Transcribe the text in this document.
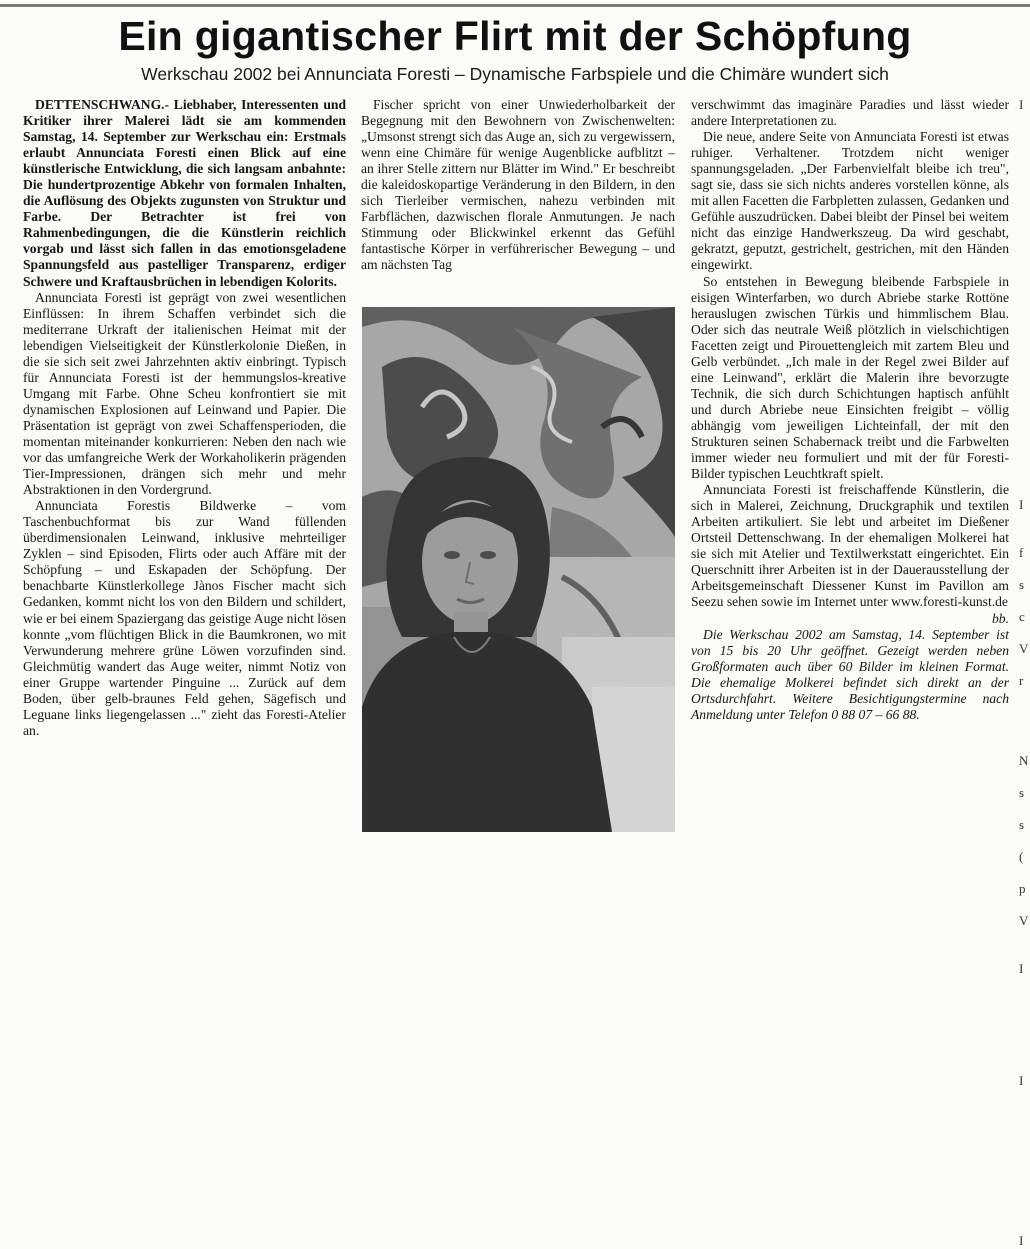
Ein gigantischer Flirt mit der Schöpfung
Werkschau 2002 bei Annunciata Foresti – Dynamische Farbspiele und die Chimäre wundert sich

DETTENSCHWANG.- Liebhaber, Interessenten und Kritiker ihrer Malerei lädt sie am kommenden Samstag, 14. September zur Werkschau ein: Erstmals erlaubt Annunciata Foresti einen Blick auf eine künstlerische Entwicklung, die sich langsam anbahnte: Die hundertprozentige Abkehr von formalen Inhalten, die Auflösung des Objekts zugunsten von Struktur und Farbe. Der Betrachter ist frei von Rahmenbedingungen, die die Künstlerin reichlich vorgab und lässt sich fallen in das emotionsgeladene Spannungsfeld aus pastelliger Transparenz, erdiger Schwere und Kraftausbrüchen in lebendigen Kolorits.

Annunciata Foresti ist geprägt von zwei wesentlichen Einflüssen: In ihrem Schaffen verbindet sich die mediterrane Urkraft der italienischen Heimat mit der lebendigen Vielseitigkeit der Künstlerkolonie Dießen, in die sie sich seit zwei Jahrzehnten aktiv einbringt. Typisch für Annunciata Foresti ist der hemmungslos-kreative Umgang mit Farbe. Ohne Scheu konfrontiert sie mit dynamischen Explosionen auf Leinwand und Papier. Die Präsentation ist geprägt von zwei Schaffensperioden, die momentan miteinander konkurrieren: Neben den nach wie vor das umfangreiche Werk der Workaholikerin prägenden Tier-Impressionen, drängen sich mehr und mehr Abstraktionen in den Vordergrund.

Annunciata Forestis Bildwerke – vom Taschenbuchformat bis zur Wand füllenden überdimensionalen Leinwand, inklusive mehrteiliger Zyklen – sind Episoden, Flirts oder auch Affäre mit der Schöpfung – und Eskapaden der Schöpfung. Der benachbarte Künstlerkollege Jànos Fischer macht sich Gedanken, kommt nicht los von den Bildern und schildert, wie er bei einem Spaziergang das geistige Auge nicht lösen konnte „vom flüchtigen Blick in die Baumkronen, wo mit Verwunderung mehrere grüne Löwen vorzufinden sind. Gleichmütig wandert das Auge weiter, nimmt Notiz von einer Gruppe wartender Pinguine ... Zurück auf dem Boden, über gelb-braunes Feld gehen, Sägefisch und Leguane links liegengelassen ..." zieht das Foresti-Atelier an.

Fischer spricht von einer Unwiederholbarkeit der Begegnung mit den Bewohnern von Zwischenwelten: „Umsonst strengt sich das Auge an, sich zu vergewissern, wenn eine Chimäre für wenige Augenblicke aufblitzt – an ihrer Stelle zittern nur Blätter im Wind." Er beschreibt die kaleidoskopartige Veränderung in den Bildern, in den sich Tierleiber vermischen, nahezu verbinden mit Farbflächen, dazwischen florale Anmutungen. Je nach Stimmung oder Blickwinkel erkennt das Gefühl fantastische Körper in verführerischer Bewegung – und am nächsten Tag

verschwimmt das imaginäre Paradies und lässt wieder andere Interpretationen zu.

Die neue, andere Seite von Annunciata Foresti ist etwas ruhiger. Verhaltener. Trotzdem nicht weniger spannungsgeladen. „Der Farbenvielfalt bleibe ich treu", sagt sie, dass sie sich nichts anderes vorstellen könne, als mit allen Facetten die Farbpletten zulassen, Gedanken und Gefühle auszudrücken. Dabei bleibt der Pinsel bei weitem nicht das einzige Handwerkszeug. Da wird geschabt, gekratzt, geputzt, gestrichelt, gestrichen, mit den Händen eingewirkt.

So entstehen in Bewegung bleibende Farbspiele in eisigen Winterfarben, wo durch Abriebe starke Rottöne herauslugen zwischen Türkis und himmlischem Blau. Oder sich das neutrale Weiß plötzlich in vielschichtigen Facetten zeigt und Pirouettengleich mit zartem Bleu und Gelb verbündet. „Ich male in der Regel zwei Bilder auf eine Leinwand", erklärt die Malerin ihre bevorzugte Technik, die sich durch Schichtungen haptisch anfühlt und durch Abriebe neue Einsichten freigibt – völlig abhängig vom jeweiligen Lichteinfall, der mit den Strukturen seinen Schabernack treibt und die Farbwelten immer wieder neu formuliert und mit der für Foresti-Bilder typischen Leuchtkraft spielt.

Annunciata Foresti ist freischaffende Künstlerin, die sich in Malerei, Zeichnung, Druckgraphik und textilen Arbeiten artikuliert. Sie lebt und arbeitet im Dießener Ortsteil Dettenschwang. In der ehemaligen Molkerei hat sie sich mit Atelier und Textilwerkstatt eingerichtet. Ein Querschnitt ihrer Arbeiten ist in der Dauerausstellung der Arbeitsgemeinschaft Diessener Kunst im Pavillon am Seezu sehen sowie im Internet unter www.foresti-kunst.de

bb.

Die Werkschau 2002 am Samstag, 14. September ist von 15 bis 20 Uhr geöffnet. Gezeigt werden neben Großformaten auch über 60 Bilder im kleinen Format. Die ehemalige Molkerei befindet sich direkt an der Ortsdurchfahrt. Weitere Besichtigungstermine nach Anmeldung unter Telefon 0 88 07 – 66 88.

I

I

f

s

c

V

r

N

s

s

(

p

V

I

I

I
